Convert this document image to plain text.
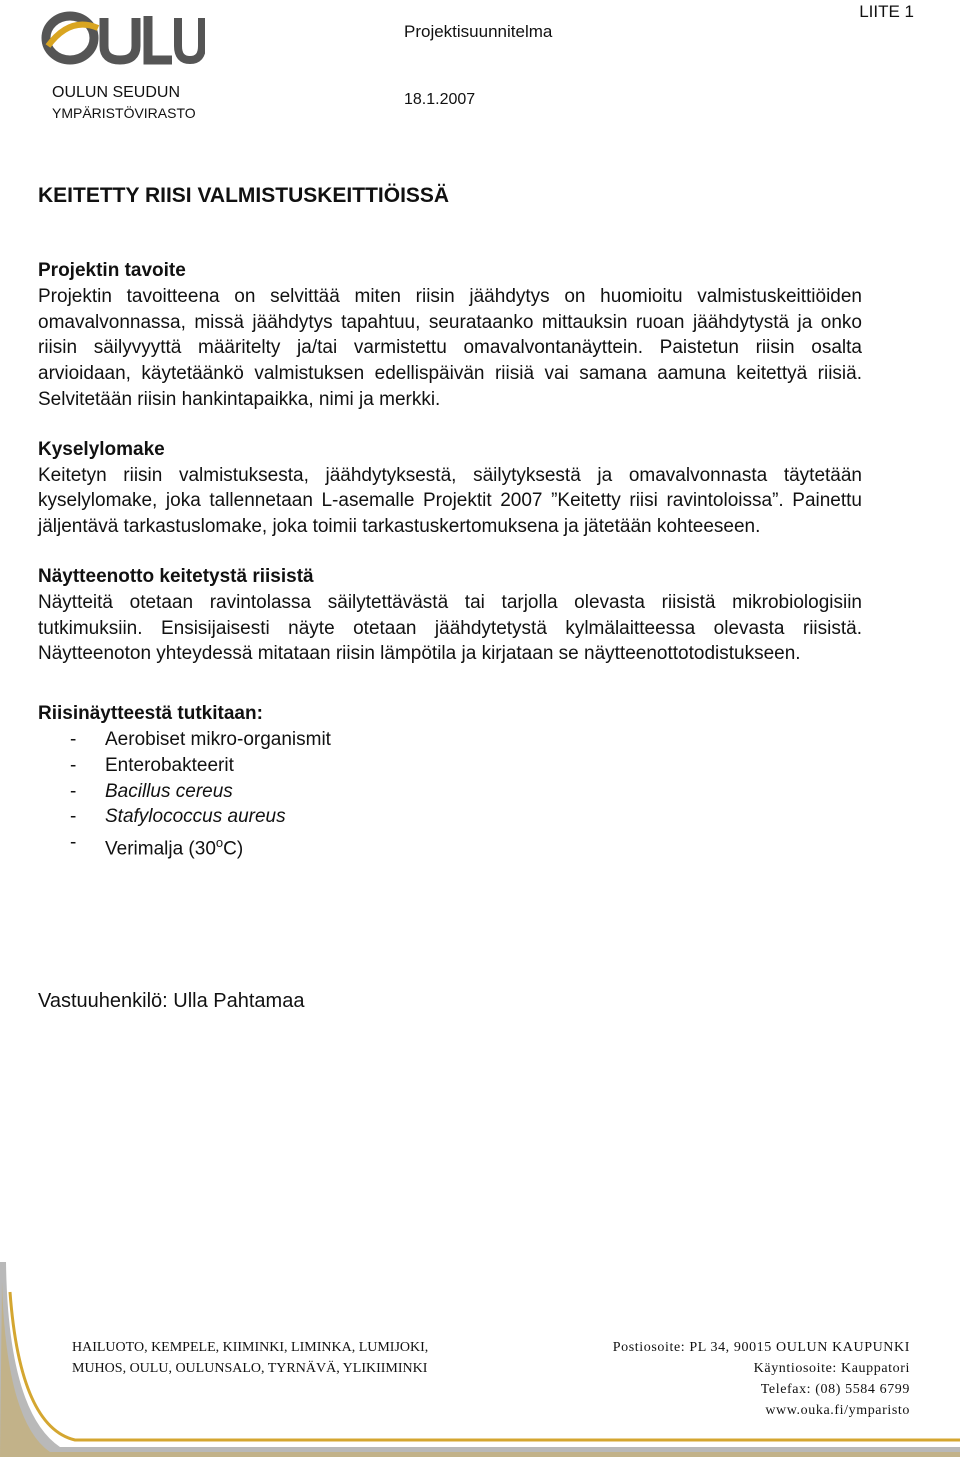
OULUN SEUDUN
YMPÄRISTÖVIRASTO
Projektisuunnitelma
18.1.2007
LIITE 1
KEITETTY RIISI VALMISTUSKEITTIÖISSÄ
Projektin tavoite

Projektin tavoitteena on selvittää miten riisin jäähdytys on huomioitu valmistuskeittiöiden omavalvonnassa, missä jäähdytys tapahtuu, seurataanko mittauksin ruoan jäähdytystä ja onko riisin säilyvyyttä määritelty ja/tai varmistettu omavalvontanäyttein. Paistetun riisin osalta arvioidaan, käytetäänkö valmistuksen edellispäivän riisiä vai samana aamuna keitettyä riisiä. Selvitetään riisin hankintapaikka, nimi ja merkki.

Kyselylomake

Keitetyn riisin valmistuksesta, jäähdytyksestä, säilytyksestä ja omavalvonnasta täytetään kyselylomake, joka tallennetaan L-asemalle Projektit 2007 ”Keitetty riisi ravintoloissa”. Painettu jäljentävä tarkastuslomake, joka toimii tarkastuskertomuksena ja jätetään kohteeseen.

Näytteenotto keitetystä riisistä

Näytteitä otetaan ravintolassa säilytettävästä tai tarjolla olevasta riisistä mikrobiologisiin tutkimuksiin. Ensisijaisesti näyte otetaan jäähdytetystä kylmälaitteessa olevasta riisistä. Näytteenoton yhteydessä mitataan riisin lämpötila ja kirjataan se näytteenottotodistukseen.

Riisinäytteestä tutkitaan:
- Aerobiset mikro-organismit
- Enterobakteerit
- Bacillus cereus
- Stafylococcus aureus
- Verimalja (30$^o$C)
Vastuuhenkilö: Ulla Pahtamaa
HAILUOTO, KEMPELE, KIIMINKI, LIMINKA, LUMIJOKI,
MUHOS, OULU, OULUNSALO, TYRNÄVÄ, YLIKIIMINKI
Postiosoite: PL 34, 90015 OULUN KAUPUNKI
Käyntiosoite: Kauppatori
Telefax: (08) 5584 6799
www.ouka.fi/ymparisto
